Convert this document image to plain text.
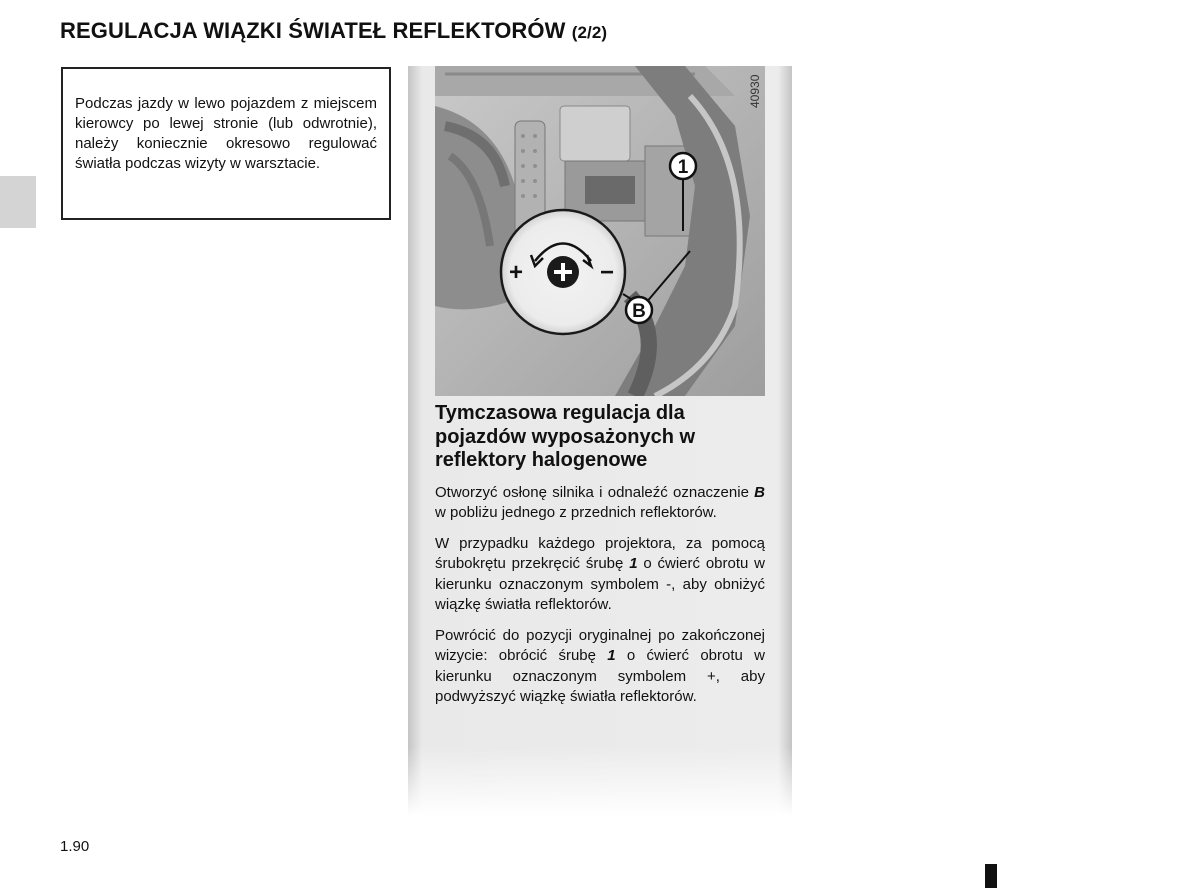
REGULACJA WIĄZKI ŚWIATEŁ REFLEKTORÓW (2/2)

Podczas jazdy w lewo pojazdem z miejscem kierowcy po lewej stronie (lub odwrotnie), należy koniecznie okresowo regulować światła podczas wizyty w warsztacie.	1
B
+	−
40930
Tymczasowa regulacja dla pojazdów wyposażonych w reflektory halogenowe

Otworzyć osłonę silnika i odnaleźć oznaczenie B w pobliżu jednego z przednich reflektorów.

W przypadku każdego projektora, za pomocą śrubokrętu przekręcić śrubę 1 o ćwierć obrotu w kierunku oznaczonym symbolem -, aby obniżyć wiązkę światła reflektorów.

Powrócić do pozycji oryginalnej po zakończonej wizycie: obrócić śrubę 1 o ćwierć obrotu w kierunku oznaczonym symbolem +, aby podwyższyć wiązkę światła reflektorów.

1.90
